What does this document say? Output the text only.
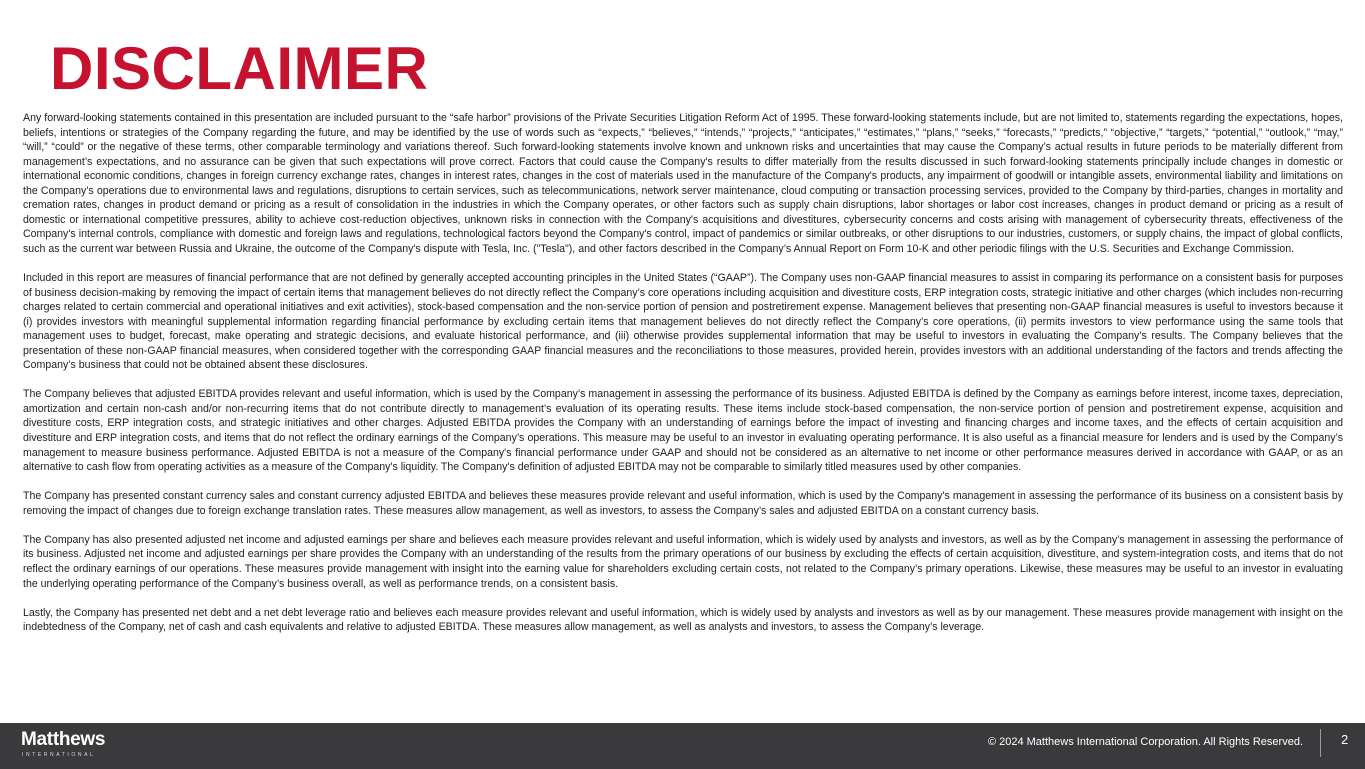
DISCLAIMER

Any forward-looking statements contained in this presentation are included pursuant to the “safe harbor” provisions of the Private Securities Litigation Reform Act of 1995. These forward-looking statements include, but are not limited to, statements regarding the expectations, hopes, beliefs, intentions or strategies of the Company regarding the future, and may be identified by the use of words such as “expects,” “believes,” “intends,” “projects,” “anticipates,” “estimates,” “plans,” “seeks,” “forecasts,” “predicts,” “objective,” “targets,” “potential,” “outlook,” “may,” “will,” “could” or the negative of these terms, other comparable terminology and variations thereof. Such forward-looking statements involve known and unknown risks and uncertainties that may cause the Company’s actual results in future periods to be materially different from management’s expectations, and no assurance can be given that such expectations will prove correct. Factors that could cause the Company's results to differ materially from the results discussed in such forward-looking statements principally include changes in domestic or international economic conditions, changes in foreign currency exchange rates, changes in interest rates, changes in the cost of materials used in the manufacture of the Company's products, any impairment of goodwill or intangible assets, environmental liability and limitations on the Company’s operations due to environmental laws and regulations, disruptions to certain services, such as telecommunications, network server maintenance, cloud computing or transaction processing services, provided to the Company by third-parties, changes in mortality and cremation rates, changes in product demand or pricing as a result of consolidation in the industries in which the Company operates, or other factors such as supply chain disruptions, labor shortages or labor cost increases, changes in product demand or pricing as a result of domestic or international competitive pressures, ability to achieve cost-reduction objectives, unknown risks in connection with the Company's acquisitions and divestitures, cybersecurity concerns and costs arising with management of cybersecurity threats, effectiveness of the Company's internal controls, compliance with domestic and foreign laws and regulations, technological factors beyond the Company's control, impact of pandemics or similar outbreaks, or other disruptions to our industries, customers, or supply chains, the impact of global conflicts, such as the current war between Russia and Ukraine, the outcome of the Company's dispute with Tesla, Inc. ("Tesla"), and other factors described in the Company’s Annual Report on Form 10-K and other periodic filings with the U.S. Securities and Exchange Commission.

Included in this report are measures of financial performance that are not defined by generally accepted accounting principles in the United States (“GAAP”). The Company uses non-GAAP financial measures to assist in comparing its performance on a consistent basis for purposes of business decision-making by removing the impact of certain items that management believes do not directly reflect the Company’s core operations including acquisition and divestiture costs, ERP integration costs, strategic initiative and other charges (which includes non-recurring charges related to certain commercial and operational initiatives and exit activities), stock-based compensation and the non-service portion of pension and postretirement expense. Management believes that presenting non-GAAP financial measures is useful to investors because it (i) provides investors with meaningful supplemental information regarding financial performance by excluding certain items that management believes do not directly reflect the Company’s core operations, (ii) permits investors to view performance using the same tools that management uses to budget, forecast, make operating and strategic decisions, and evaluate historical performance, and (iii) otherwise provides supplemental information that may be useful to investors in evaluating the Company’s results. The Company believes that the presentation of these non-GAAP financial measures, when considered together with the corresponding GAAP financial measures and the reconciliations to those measures, provided herein, provides investors with an additional understanding of the factors and trends affecting the Company’s business that could not be obtained absent these disclosures.

The Company believes that adjusted EBITDA provides relevant and useful information, which is used by the Company’s management in assessing the performance of its business. Adjusted EBITDA is defined by the Company as earnings before interest, income taxes, depreciation, amortization and certain non-cash and/or non-recurring items that do not contribute directly to management’s evaluation of its operating results. These items include stock-based compensation, the non-service portion of pension and postretirement expense, acquisition and divestiture costs, ERP integration costs, and strategic initiatives and other charges. Adjusted EBITDA provides the Company with an understanding of earnings before the impact of investing and financing charges and income taxes, and the effects of certain acquisition and divestiture and ERP integration costs, and items that do not reflect the ordinary earnings of the Company’s operations. This measure may be useful to an investor in evaluating operating performance. It is also useful as a financial measure for lenders and is used by the Company’s management to measure business performance. Adjusted EBITDA is not a measure of the Company's financial performance under GAAP and should not be considered as an alternative to net income or other performance measures derived in accordance with GAAP, or as an alternative to cash flow from operating activities as a measure of the Company's liquidity. The Company's definition of adjusted EBITDA may not be comparable to similarly titled measures used by other companies.

The Company has presented constant currency sales and constant currency adjusted EBITDA and believes these measures provide relevant and useful information, which is used by the Company's management in assessing the performance of its business on a consistent basis by removing the impact of changes due to foreign exchange translation rates. These measures allow management, as well as investors, to assess the Company’s sales and adjusted EBITDA on a constant currency basis.

The Company has also presented adjusted net income and adjusted earnings per share and believes each measure provides relevant and useful information, which is widely used by analysts and investors, as well as by the Company’s management in assessing the performance of its business. Adjusted net income and adjusted earnings per share provides the Company with an understanding of the results from the primary operations of our business by excluding the effects of certain acquisition, divestiture, and system-integration costs, and items that do not reflect the ordinary earnings of our operations. These measures provide management with insight into the earning value for shareholders excluding certain costs, not related to the Company’s primary operations. Likewise, these measures may be useful to an investor in evaluating the underlying operating performance of the Company’s business overall, as well as performance trends, on a consistent basis.

Lastly, the Company has presented net debt and a net debt leverage ratio and believes each measure provides relevant and useful information, which is widely used by analysts and investors as well as by our management. These measures provide management with insight on the indebtedness of the Company, net of cash and cash equivalents and relative to adjusted EBITDA. These measures allow management, as well as analysts and investors, to assess the Company’s leverage.

Matthews
INTERNATIONAL
© 2024 Matthews International Corporation. All Rights Reserved.	2
